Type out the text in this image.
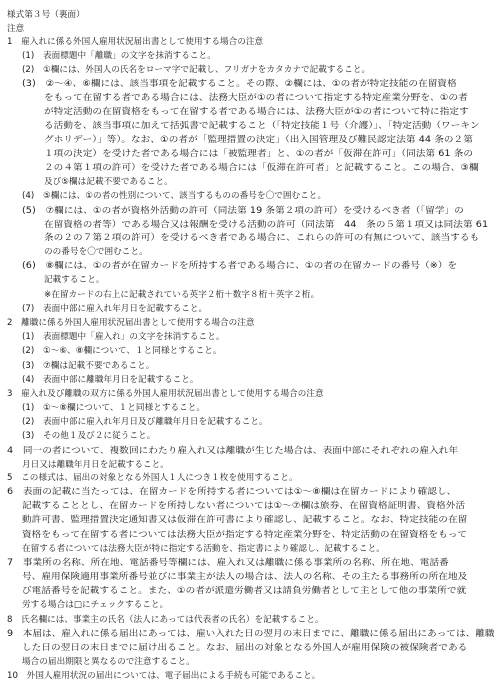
様式第３号（裏面）
注意
1　雇入れに係る外国人雇用状況届出書として使用する場合の注意
(1)　表面標題中「離職」の文字を抹消すること。
(2)　①欄には、外国人の氏名をローマ字で記載し、フリガナをカタカナで記載すること。
(3)　②～④、⑥欄には、該当事項を記載すること。その際、②欄には、①の者が特定技能の在留資格
をもって在留する者である場合には、法務大臣が①の者について指定する特定産業分野を、①の者
が特定活動の在留資格をもって在留する者である場合には、法務大臣が①の者について特に指定す
る活動を、該当事項に加えて括弧書で記載すること（「特定技能１号（介護）」、「特定活動（ワーキン
グホリデー）」等）。なお、①の者が「監理措置の決定」（出入国管理及び難民認定法第 44 条の２第
１項の決定）を受けた者である場合には「被監理者」と、①の者が「仮滞在許可」（同法第 61 条の
２の４第１項の許可）を受けた者である場合には「仮滞在許可者」と記載すること。この場合、③欄
及び⑤欄は記載不要であること。
(4)　⑤欄には、①の者の性別について、該当するものの番号を〇で囲むこと。
(5)　⑦欄には、①の者が資格外活動の許可（同法第 19 条第２項の許可）を受けるべき者（「留学」の
在留資格の者等）である場合又は報酬を受ける活動の許可（同法第　44　条の５第１項又は同法第 61
条の２の７第２項の許可）を受けるべき者である場合に、これらの許可の有無について、該当するも
のの番号を〇で囲むこと。
(6)　⑧欄には、①の者が在留カードを所持する者である場合に、①の者の在留カードの番号（※）を
記載すること。
※在留カードの右上に記載されている英字２桁＋数字８桁＋英字２桁。
(7)　表面中部に雇入れ年月日を記載すること。
2　離職に係る外国人雇用状況届出書として使用する場合の注意
(1)　表面標題中「雇入れ」の文字を抹消すること。
(2)　①～⑥、⑧欄について、１と同様とすること。
(3)　⑦欄は記載不要であること。
(4)　表面中部に離職年月日を記載すること。
3　雇入れ及び離職の双方に係る外国人雇用状況届出書として使用する場合の注意
(1)　①～⑧欄について、１と同様とすること。
(2)　表面中部に雇入れ年月日及び離職年月日を記載すること。
(3)　その他１及び２に従うこと。
4　同一の者について、複数回にわたり雇入れ又は離職が生じた場合は、表面中部にそれぞれの雇入れ年
月日又は離職年月日を記載すること。
5　この様式は、届出の対象となる外国人１人につき１枚を使用すること。
6　表面の記載に当たっては、在留カードを所持する者については①～⑧欄は在留カードにより確認し、
記載することとし、在留カードを所持しない者については①～⑦欄は旅券、在留資格証明書、資格外活
動許可書、監理措置決定通知書又は仮滞在許可書により確認し、記載すること。なお、特定技能の在留
資格をもって在留する者については法務大臣が指定する特定産業分野を、特定活動の在留資格をもって
在留する者については法務大臣が特に指定する活動を、指定書により確認し、記載すること。
7　事業所の名称、所在地、電話番号等欄には、雇入れ又は離職に係る事業所の名称、所在地、電話番
号、雇用保険適用事業所番号並びに事業主が法人の場合は、法人の名称、その主たる事務所の所在地及
び電話番号を記載すること。また、①の者が派遣労働者又は請負労働者として主として他の事業所で就
労する場合は□にチェックすること。
8　氏名欄には、事業主の氏名（法人にあっては代表者の氏名）を記載すること。
9　本届は、雇入れに係る届出にあっては、雇い入れた日の翌月の末日までに、離職に係る届出にあっては、離職
した日の翌日の末日までに届け出ること。なお、届出の対象となる外国人が雇用保険の被保険者である
場合の届出期限と異なるので注意すること。
10　外国人雇用状況の届出については、電子届出による手続も可能であること。
